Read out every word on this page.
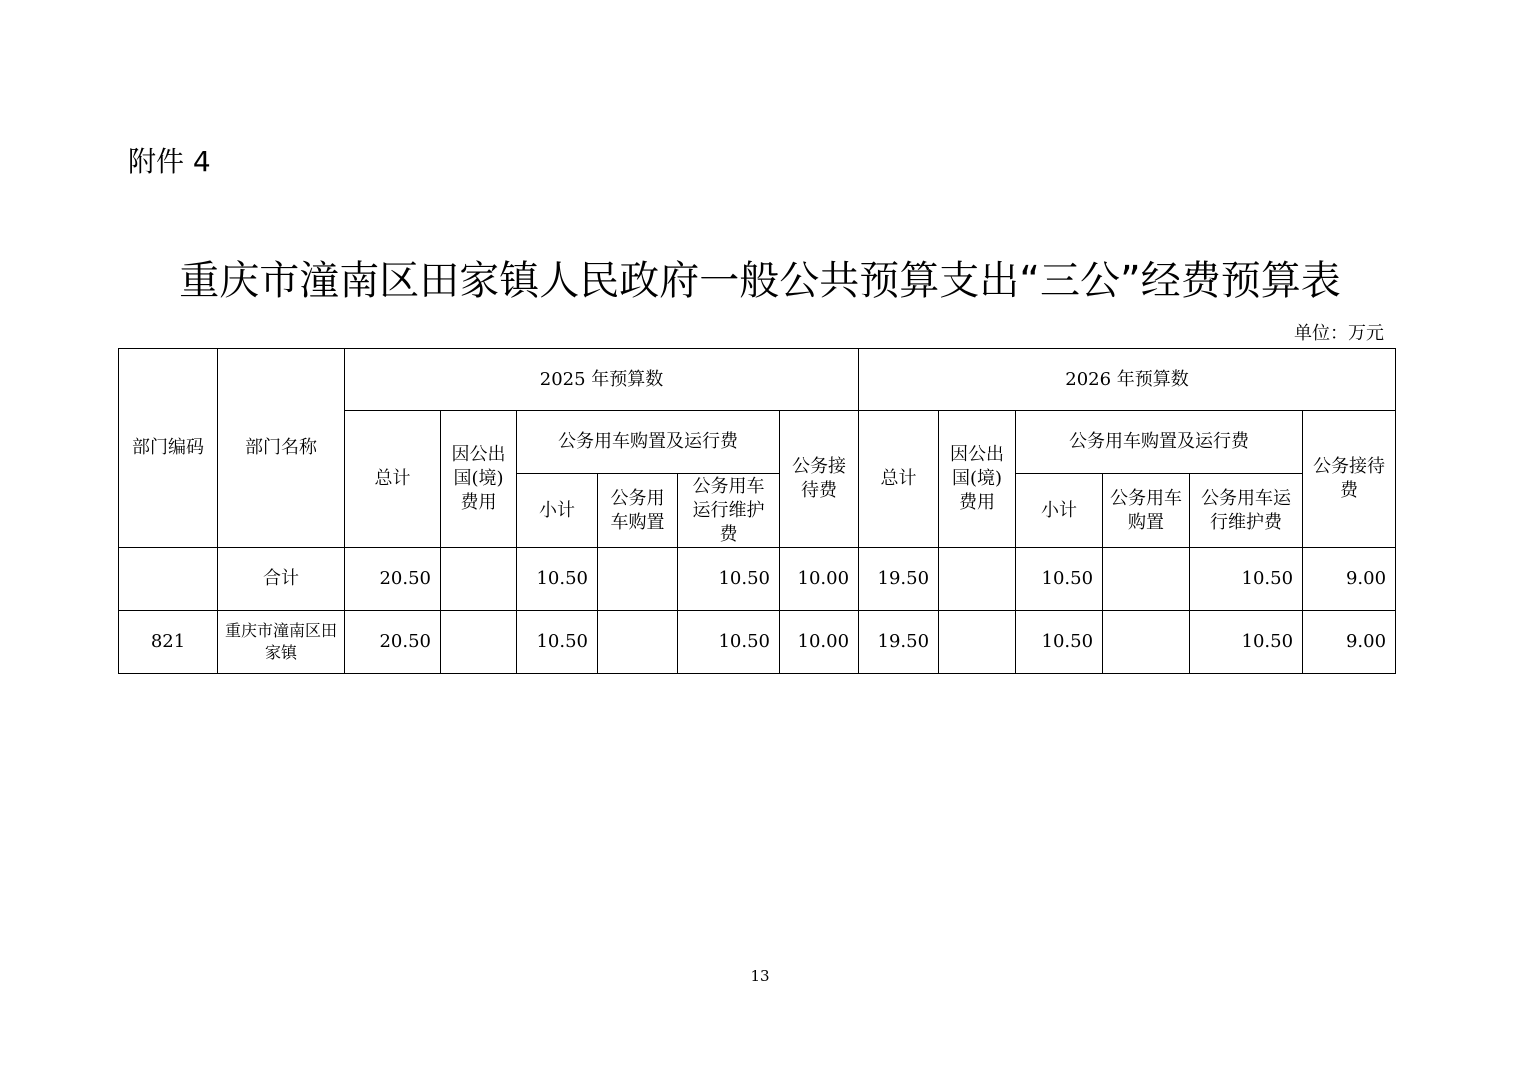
附件 4
重庆市潼南区田家镇人民政府一般公共预算支出“三公”经费预算表
单位：万元
部门编码	部门名称	2025 年预算数						2026 年预算数					
		总计	因公出国(境)费用	公务用车购置及运行费			公务接待费	总计	因公出国(境)费用	公务用车购置及运行费			公务接待费
				小计	公务用车购置	公务用车运行维护费				小计	公务用车购置	公务用车运行维护费	
	合计	20.50		10.50		10.50	10.00	19.50		10.50		10.50	9.00
821	重庆市潼南区田家镇	20.50		10.50		10.50	10.00	19.50		10.50		10.50	9.00
13
